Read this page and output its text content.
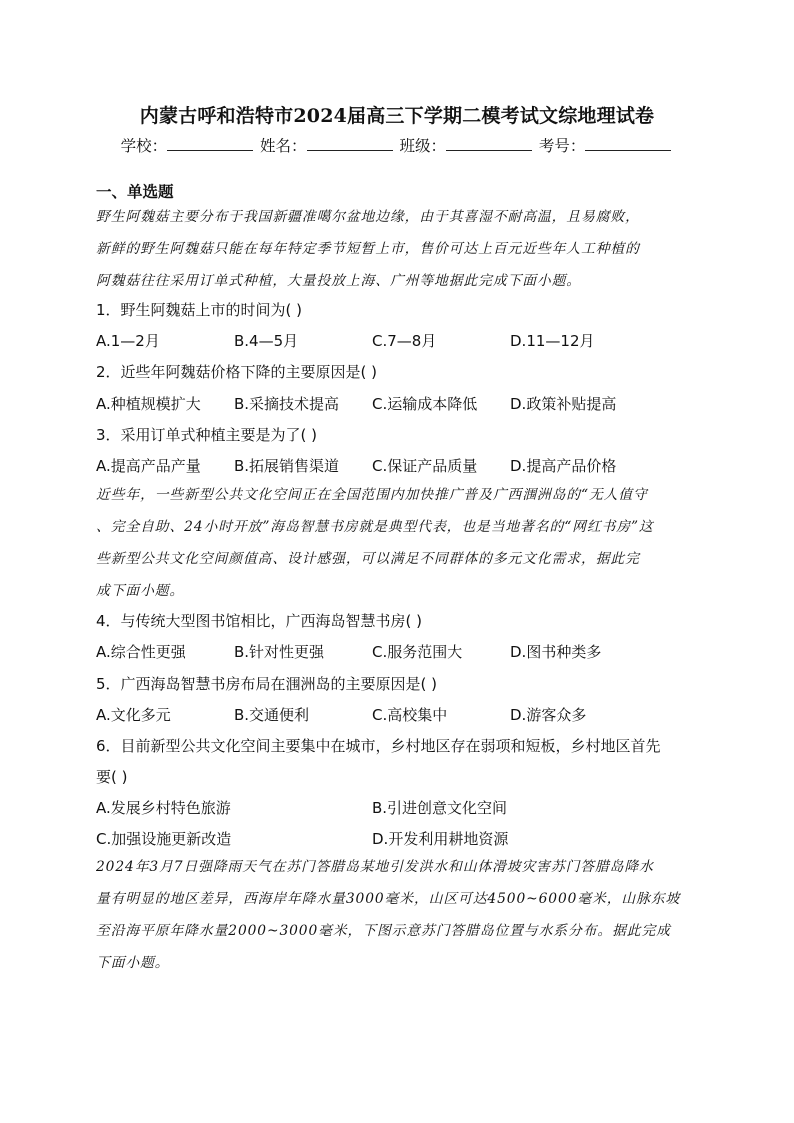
内蒙古呼和浩特市2024届高三下学期二模考试文综地理试卷
学校：	姓名：	班级：	考号：
一、单选题
野生阿魏菇主要分布于我国新疆准噶尔盆地边缘，由于其喜湿不耐高温，且易腐败，
新鲜的野生阿魏菇只能在每年特定季节短暂上市，售价可达上百元近些年人工种植的
阿魏菇往往采用订单式种植，大量投放上海、广州等地据此完成下面小题。
1．野生阿魏菇上市的时间为( )
A.1—2月	B.4—5月	C.7—8月	D.11—12月
2．近些年阿魏菇价格下降的主要原因是( )
A.种植规模扩大 B.采摘技术提高 C.运输成本降低 D.政策补贴提高
3．采用订单式种植主要是为了( )
A.提高产品产量 B.拓展销售渠道 C.保证产品质量 D.提高产品价格
近些年，一些新型公共文化空间正在全国范围内加快推广普及广西涠洲岛的“无人值守
、完全自助、24小时开放”海岛智慧书房就是典型代表，也是当地著名的“网红书房”这
些新型公共文化空间颜值高、设计感强，可以满足不同群体的多元文化需求，据此完
成下面小题。
4．与传统大型图书馆相比，广西海岛智慧书房( )
A.综合性更强	B.针对性更强	C.服务范围大	D.图书种类多
5．广西海岛智慧书房布局在涠洲岛的主要原因是( )
A.文化多元	B.交通便利	C.高校集中	D.游客众多
6．目前新型公共文化空间主要集中在城市，乡村地区存在弱项和短板，乡村地区首先
要( )
A.发展乡村特色旅游	B.引进创意文化空间
C.加强设施更新改造	D.开发利用耕地资源
2024年3月7日强降雨天气在苏门答腊岛某地引发洪水和山体滑坡灾害苏门答腊岛降水
量有明显的地区差异，西海岸年降水量3000毫米，山区可达4500~6000毫米，山脉东坡
至沿海平原年降水量2000~3000毫米，下图示意苏门答腊岛位置与水系分布。据此完成
下面小题。
